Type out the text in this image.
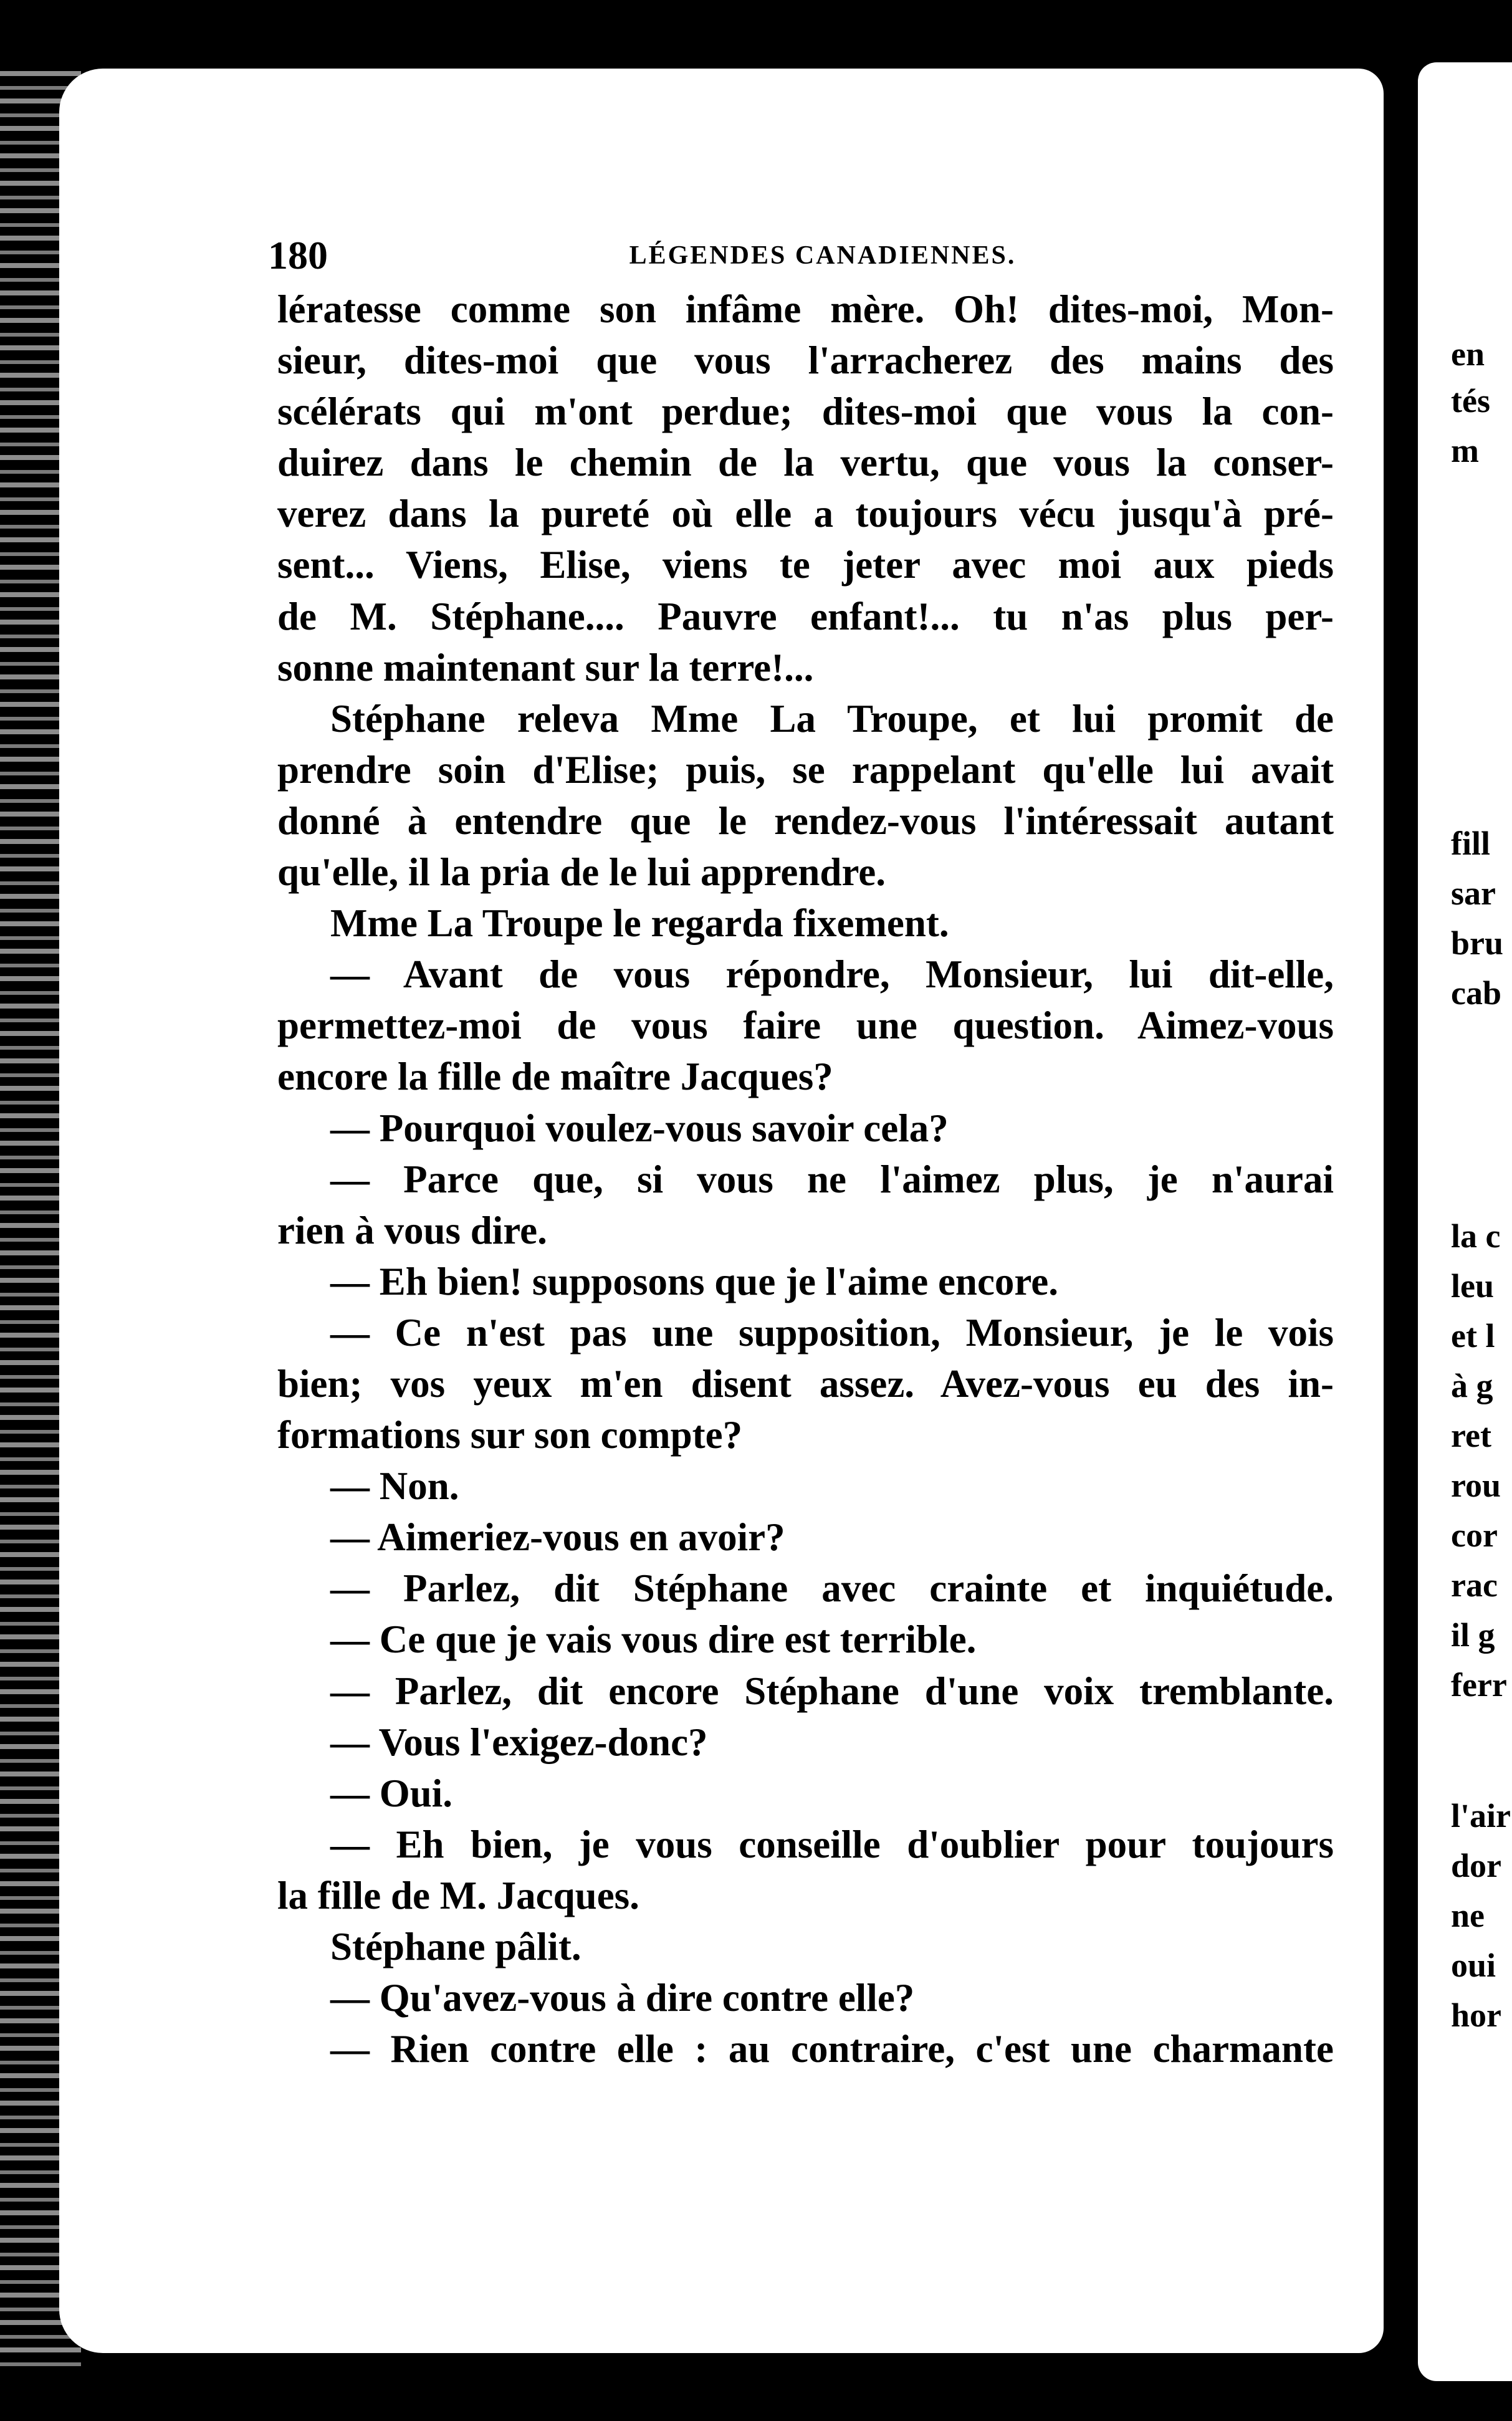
180	LÉGENDES CANADIENNES.
lératesse comme son infâme mère. Oh! dites-moi, Mon-
sieur, dites-moi que vous l'arracherez des mains des
scélérats qui m'ont perdue; dites-moi que vous la con-
duirez dans le chemin de la vertu, que vous la conser-
verez dans la pureté où elle a toujours vécu jusqu'à pré-
sent... Viens, Elise, viens te jeter avec moi aux pieds
de M. Stéphane.... Pauvre enfant!... tu n'as plus per-
sonne maintenant sur la terre!...
Stéphane releva Mme La Troupe, et lui promit de
prendre soin d'Elise; puis, se rappelant qu'elle lui avait
donné à entendre que le rendez-vous l'intéressait autant
qu'elle, il la pria de le lui apprendre.
Mme La Troupe le regarda fixement.
— Avant de vous répondre, Monsieur, lui dit-elle,
permettez-moi de vous faire une question. Aimez-vous
encore la fille de maître Jacques?
— Pourquoi voulez-vous savoir cela?
— Parce que, si vous ne l'aimez plus, je n'aurai
rien à vous dire.
— Eh bien! supposons que je l'aime encore.
— Ce n'est pas une supposition, Monsieur, je le vois
bien; vos yeux m'en disent assez. Avez-vous eu des in-
formations sur son compte?
— Non.
— Aimeriez-vous en avoir?
— Parlez, dit Stéphane avec crainte et inquiétude.
— Ce que je vais vous dire est terrible.
— Parlez, dit encore Stéphane d'une voix tremblante.
— Vous l'exigez-donc?
— Oui.
— Eh bien, je vous conseille d'oublier pour toujours
la fille de M. Jacques.
Stéphane pâlit.
— Qu'avez-vous à dire contre elle?
— Rien contre elle : au contraire, c'est une charmante
en
tés
m
fill
sar
bru
cab
la c
leu
et l
à g
ret
rou
cor
rac
il g
ferr
l'air
dor
ne
oui
hor
